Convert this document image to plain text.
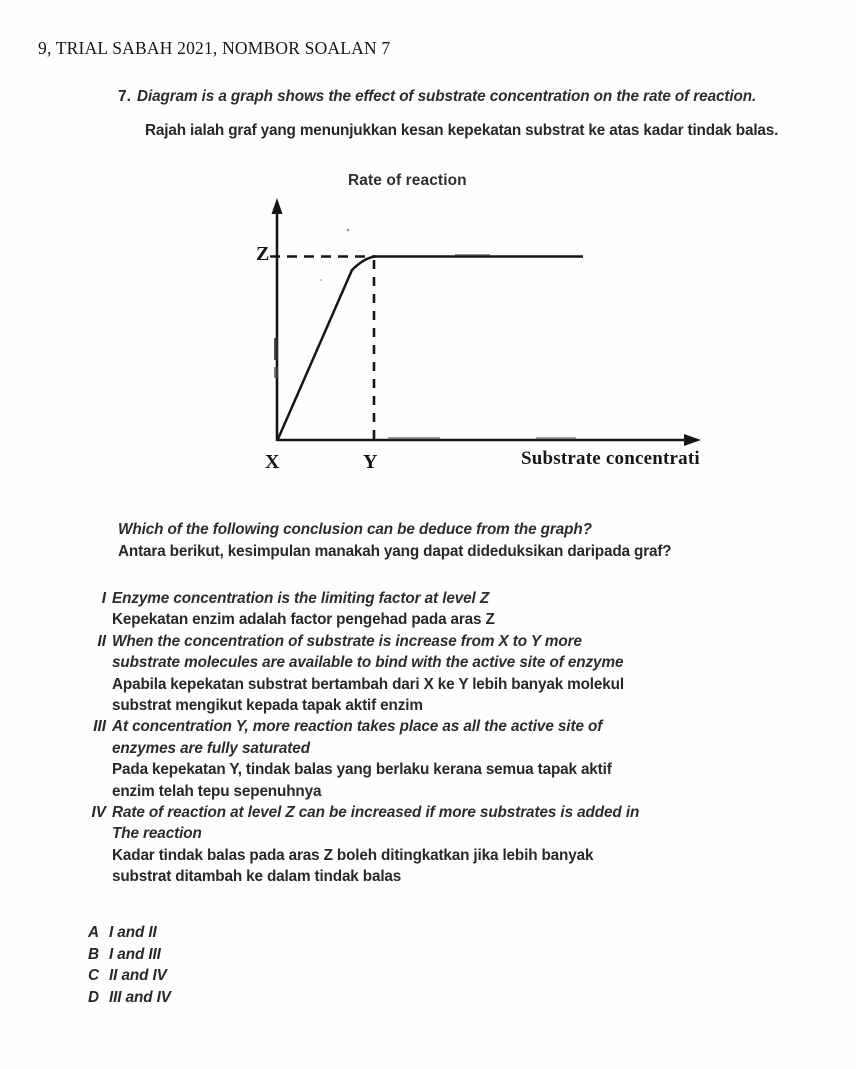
9, TRIAL SABAH 2021, NOMBOR SOALAN 7
7. Diagram is a graph shows the effect of substrate concentration on the rate of reaction.
Rajah ialah graf yang menunjukkan kesan kepekatan substrat ke atas kadar tindak balas.
Rate of reaction
Z
X	Y	Substrate concentrati
Which of the following conclusion can be deduce from the graph?
Antara berikut, kesimpulan manakah yang dapat dideduksikan daripada graf?
I Enzyme concentration is the limiting factor at level Z
Kepekatan enzim adalah factor pengehad pada aras Z
II When the concentration of substrate is increase from X to Y more
substrate molecules are available to bind with the active site of enzyme
Apabila kepekatan substrat bertambah dari X ke Y lebih banyak molekul
substrat mengikut kepada tapak aktif enzim
III At concentration Y, more reaction takes place as all the active site of
enzymes are fully saturated
Pada kepekatan Y, tindak balas yang berlaku kerana semua tapak aktif
enzim telah tepu sepenuhnya
IV Rate of reaction at level Z can be increased if more substrates is added in
The reaction
Kadar tindak balas pada aras Z boleh ditingkatkan jika lebih banyak
substrat ditambah ke dalam tindak balas
A I and II
B I and III
C II and IV
D III and IV
